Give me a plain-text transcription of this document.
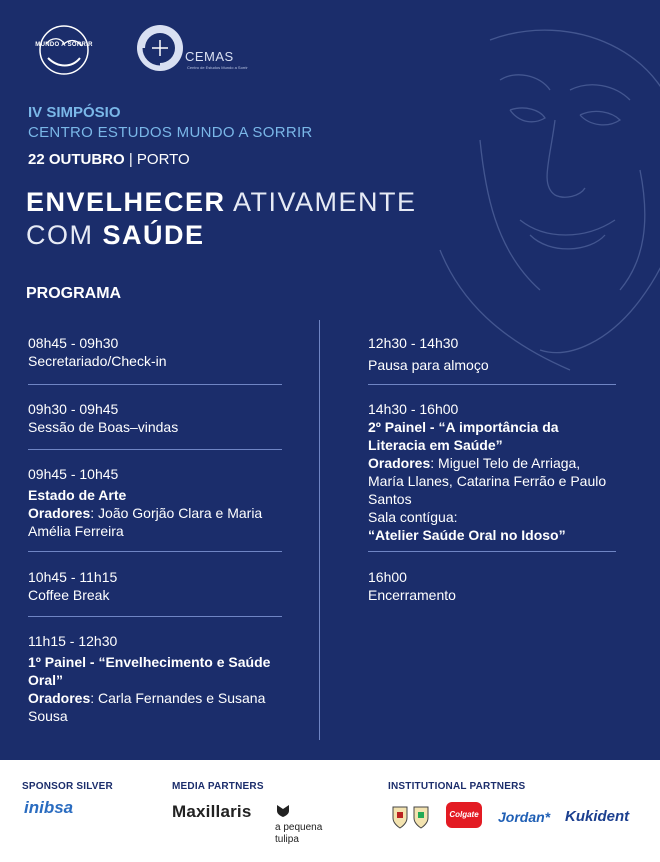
MUNDO A SORRIR
CEMAS
Centro de Estudos Mundo a Sorrir
IV SIMPÓSIO
CENTRO ESTUDOS MUNDO A SORRIR
22 OUTUBRO | PORTO
ENVELHECER ATIVAMENTE
COM SAÚDE
PROGRAMA
08h45 - 09h30
Secretariado/Check-in
09h30 - 09h45
Sessão de Boas–vindas
09h45 - 10h45
Estado de Arte
Oradores: João Gorjão Clara e Maria Amélia Ferreira
10h45 - 11h15
Coffee Break
11h15 - 12h30
1º Painel - “Envelhecimento e Saúde Oral”
Oradores: Carla Fernandes e Susana Sousa
12h30 - 14h30
Pausa para almoço
14h30 - 16h00
2º Painel - “A importância da Literacia em Saúde”
Oradores: Miguel Telo de Arriaga, María Llanes, Catarina Ferrão e Paulo Santos
Sala contígua:
“Atelier Saúde Oral no Idoso”
16h00
Encerramento
SPONSOR SILVER
inibsa
MEDIA PARTNERS
Maxillaris
a pequena
tulipa
INSTITUTIONAL PARTNERS
Colgate Jordan* Kukident
